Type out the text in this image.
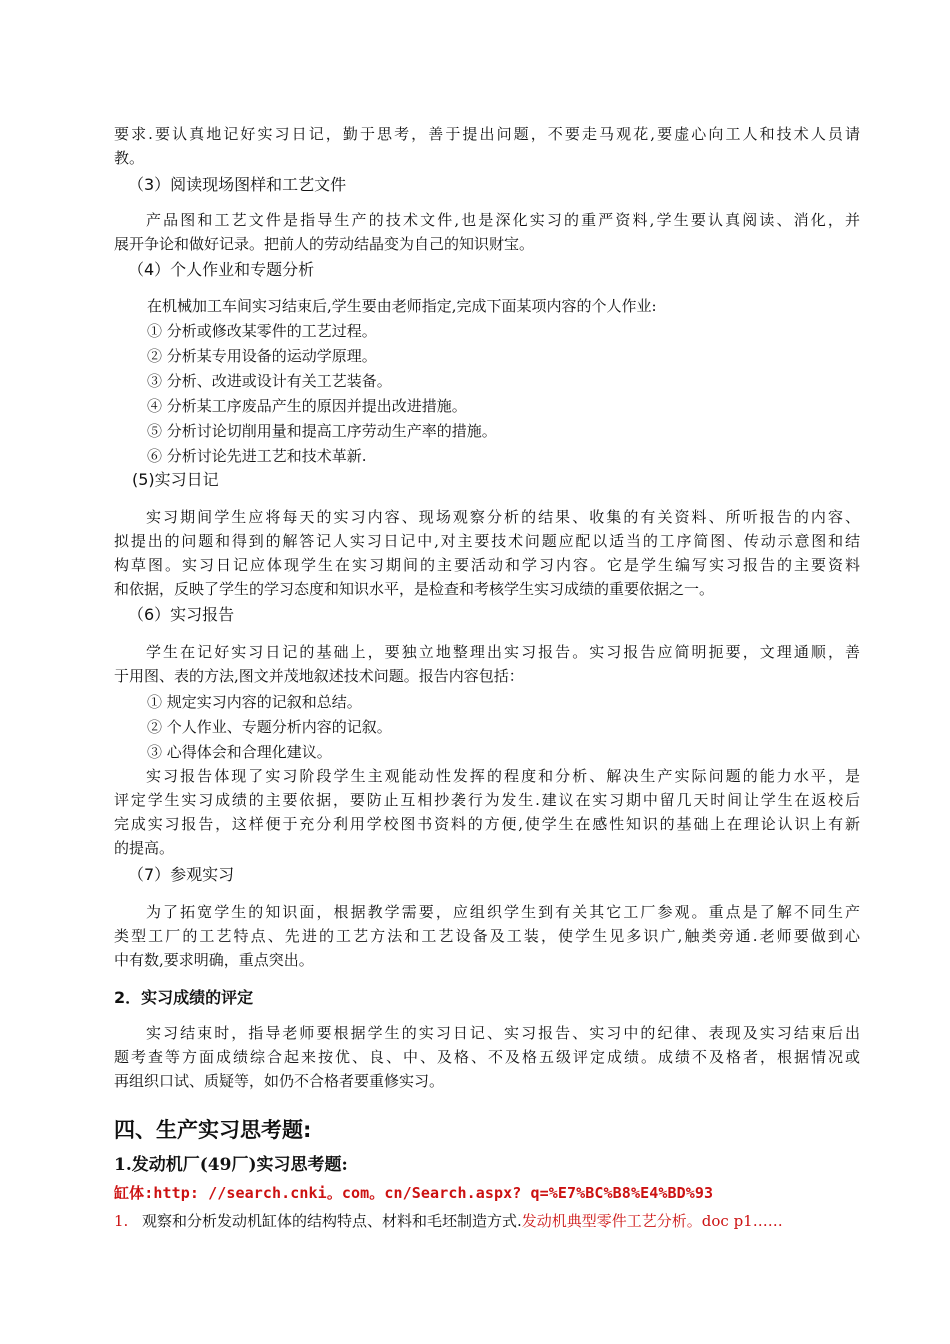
要求.要认真地记好实习日记，勤于思考，善于提出问题，不要走马观花,要虚心向工人和技术人员请
教。
（3）阅读现场图样和工艺文件
产品图和工艺文件是指导生产的技术文件,也是深化实习的重严资料,学生要认真阅读、消化，并
展开争论和做好记录。把前人的劳动结晶变为自己的知识财宝。
（4）个人作业和专题分析
在机械加工车间实习结束后,学生要由老师指定,完成下面某项内容的个人作业:
① 分析或修改某零件的工艺过程。
② 分析某专用设备的运动学原理。
③ 分析、改进或设计有关工艺装备。
④ 分析某工序废品产生的原因并提出改进措施。
⑤ 分析讨论切削用量和提高工序劳动生产率的措施。
⑥ 分析讨论先进工艺和技术革新.
(5)实习日记
实习期间学生应将每天的实习内容、现场观察分析的结果、收集的有关资料、所听报告的内容、
拟提出的问题和得到的解答记人实习日记中,对主要技术问题应配以适当的工序简图、传动示意图和结
构草图。实习日记应体现学生在实习期间的主要活动和学习内容。它是学生编写实习报告的主要资料
和依据，反映了学生的学习态度和知识水平，是检查和考核学生实习成绩的重要依据之一。
（6）实习报告
学生在记好实习日记的基础上，要独立地整理出实习报告。实习报告应简明扼要，文理通顺，善
于用图、表的方法,图文并茂地叙述技术问题。报告内容包括：
① 规定实习内容的记叙和总结。
② 个人作业、专题分析内容的记叙。
③ 心得体会和合理化建议。
实习报告体现了实习阶段学生主观能动性发挥的程度和分析、解决生产实际问题的能力水平，是
评定学生实习成绩的主要依据，要防止互相抄袭行为发生.建议在实习期中留几天时间让学生在返校后
完成实习报告，这样便于充分利用学校图书资料的方便,使学生在感性知识的基础上在理论认识上有新
的提高。
（7）参观实习
为了拓宽学生的知识面，根据教学需要，应组织学生到有关其它工厂参观。重点是了解不同生产
类型工厂的工艺特点、先进的工艺方法和工艺设备及工装，使学生见多识广,触类旁通.老师要做到心
中有数,要求明确，重点突出。
2．实习成绩的评定
实习结束时，指导老师要根据学生的实习日记、实习报告、实习中的纪律、表现及实习结束后出
题考查等方面成绩综合起来按优、良、中、及格、不及格五级评定成绩。成绩不及格者，根据情况或
再组织口试、质疑等，如仍不合格者要重修实习。
四、生产实习思考题:
1.发动机厂(49厂)实习思考题:
缸体:http: //search.cnki。com。cn/Search.aspx? q=%E7%BC%B8%E4%BD%93
1. 观察和分析发动机缸体的结构特点、材料和毛坯制造方式.发动机典型零件工艺分析。doc p1……
